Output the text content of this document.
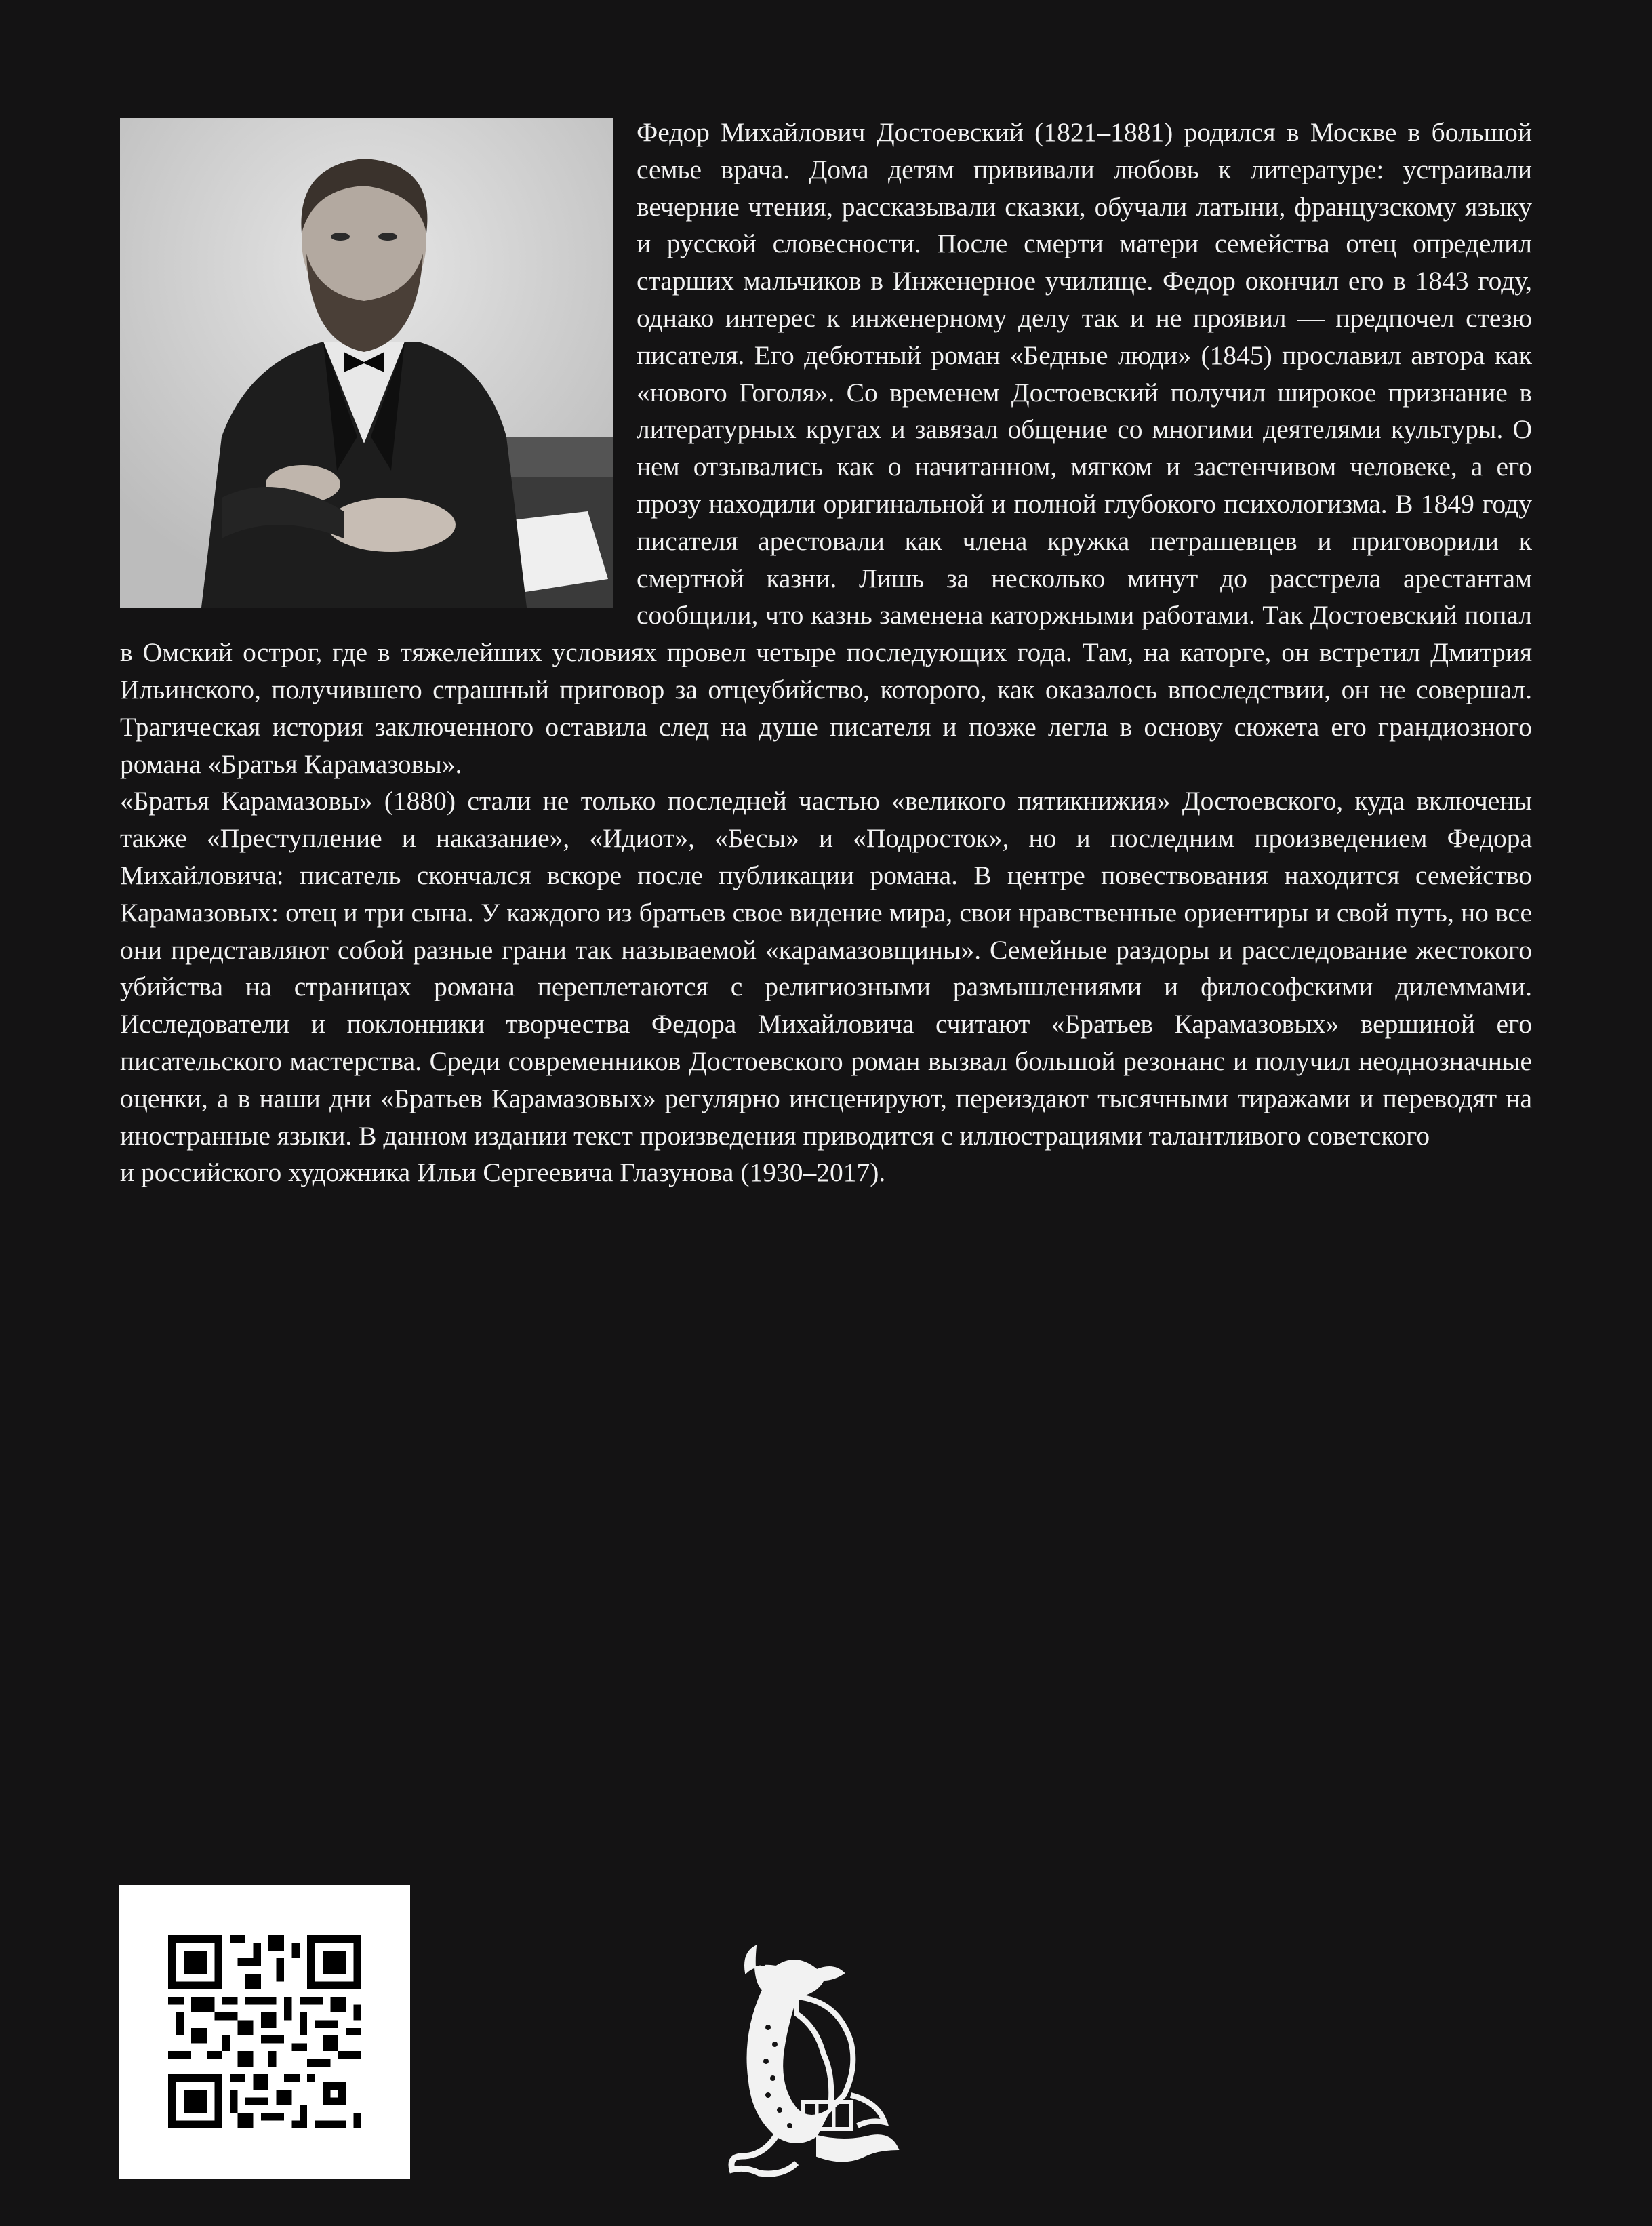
Федор Михайлович Достоевский (1821–1881) родился в Москве в большой семье врача. Дома детям прививали любовь к литературе: устраивали вечерние чтения, рассказывали сказки, обучали латыни, французскому языку и русской словесности. После смерти матери семейства отец определил старших мальчиков в Инженерное училище. Федор окончил его в 1843 году, однако интерес к инженерному делу так и не проявил — предпочел стезю писателя. Его дебютный роман «Бедные люди» (1845) прославил автора как «нового Гоголя». Со временем Достоевский получил широкое признание в литературных кругах и завязал общение со многими деятелями культуры. О нем отзывались как о начитанном, мягком и застенчивом человеке, а его прозу находили оригинальной и полной глубокого психологизма. В 1849 году писателя арестовали как члена кружка петрашевцев и приговорили к смертной казни. Лишь за несколько минут до расстрела арестантам сообщили, что казнь заменена каторжными работами. Так Достоевский попал в Омский острог, где в тяжелейших условиях провел четыре последующих года. Там, на каторге, он встретил Дмитрия Ильинского, получившего страшный приговор за отцеубийство, которого, как оказалось впоследствии, он не совершал. Трагическая история заключенного оставила след на душе писателя и позже легла в основу сюжета его грандиозного романа «Братья Карамазовы».

«Братья Карамазовы» (1880) стали не только последней частью «великого пятикнижия» Достоевского, куда включены также «Преступление и наказание», «Идиот», «Бесы» и «Подросток», но и последним произведением Федора Михайловича: писатель скончался вскоре после публикации романа. В центре повествования находится семейство Карамазовых: отец и три сына. У каждого из братьев свое видение мира, свои нравственные ориентиры и свой путь, но все они представляют собой разные грани так называемой «карамазовщины». Семейные раздоры и расследование жестокого убийства на страницах романа переплетаются с религиозными размышлениями и философскими дилеммами. Исследователи и поклонники творчества Федора Михайловича считают «Братьев Карамазовых» вершиной его писательского мастерства. Среди современников Достоевского роман вызвал большой резонанс и получил неоднозначные оценки, а в наши дни «Братьев Карамазовых» регулярно инсценируют, переиздают тысячными тиражами и переводят на иностранные языки. В данном издании текст произведения приводится с иллюстрациями талантливого советского

и российского художника Ильи Сергеевича Глазунова (1930–2017).
